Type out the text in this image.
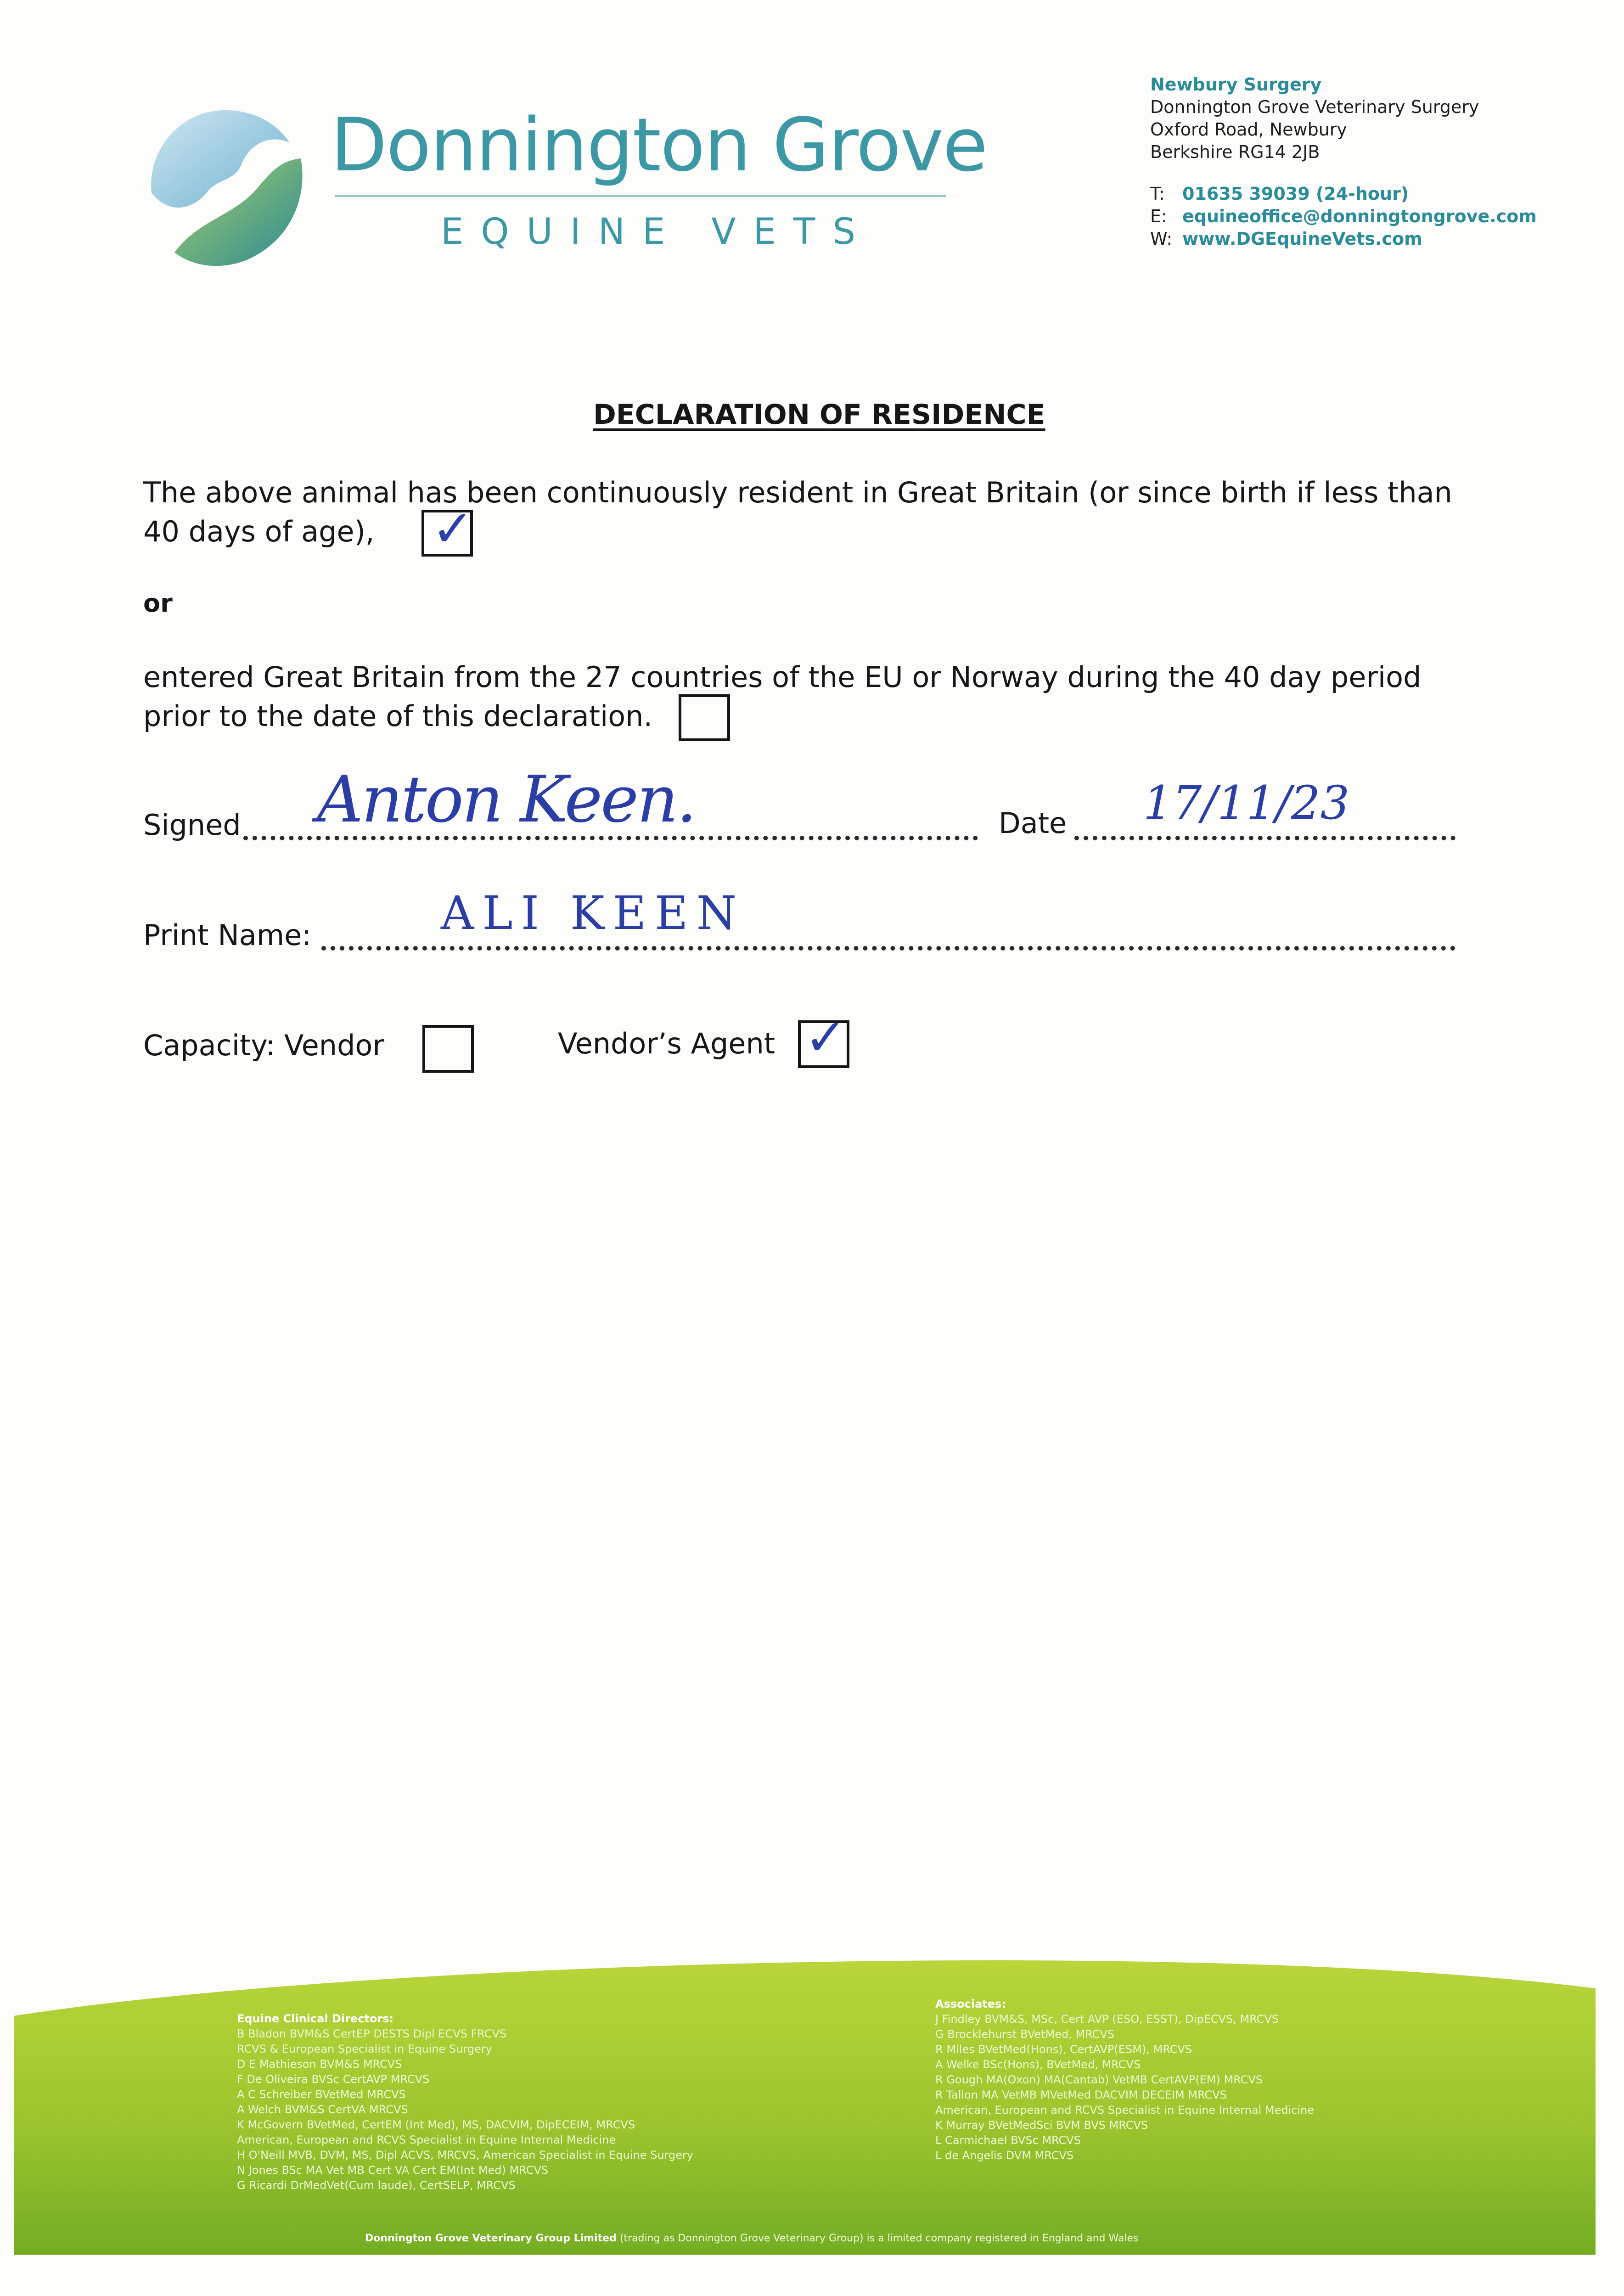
Donnington Grove
EQUINE VETS
Newbury Surgery
Donnington Grove Veterinary Surgery
Oxford Road, Newbury
Berkshire RG14 2JB
T: 01635 39039 (24-hour)
E: equineoffice@donningtongrove.com
W: www.DGEquineVets.com
DECLARATION OF RESIDENCE
The above animal has been continuously resident in Great Britain (or since birth if less than 40 days of age),	✓
or
entered Great Britain from the 27 countries of the EU or Norway during the 40 day period prior to the date of this declaration.
Signed Anton Keen.	Date 17/11/23
Print Name:	ALI KEEN
Capacity: Vendor	Vendor’s Agent ✓
Equine Clinical Directors:
B Bladon BVM&S CertEP DESTS Dipl ECVS FRCVS
RCVS & European Specialist in Equine Surgery
D E Mathieson BVM&S MRCVS
F De Oliveira BVSc CertAVP MRCVS
A C Schreiber BVetMed MRCVS
A Welch BVM&S CertVA MRCVS
K McGovern BVetMed, CertEM (Int Med), MS, DACVIM, DipECEIM, MRCVS
American, European and RCVS Specialist in Equine Internal Medicine
H O'Neill MVB, DVM, MS, Dipl ACVS, MRCVS, American Specialist in Equine Surgery
N Jones BSc MA Vet MB Cert VA Cert EM(Int Med) MRCVS
G Ricardi DrMedVet(Cum laude), CertSELP, MRCVS
Associates:
J Findley BVM&S, MSc, Cert AVP (ESO, ESST), DipECVS, MRCVS
G Brocklehurst BVetMed, MRCVS
R Miles BVetMed(Hons), CertAVP(ESM), MRCVS
A Welke BSc(Hons), BVetMed, MRCVS
R Gough MA(Oxon) MA(Cantab) VetMB CertAVP(EM) MRCVS
R Tallon MA VetMB MVetMed DACVIM DECEIM MRCVS
American, European and RCVS Specialist in Equine Internal Medicine
K Murray BVetMedSci BVM BVS MRCVS
L Carmichael BVSc MRCVS
L de Angelis DVM MRCVS
Donnington Grove Veterinary Group Limited (trading as Donnington Grove Veterinary Group) is a limited company registered in England and Wales
